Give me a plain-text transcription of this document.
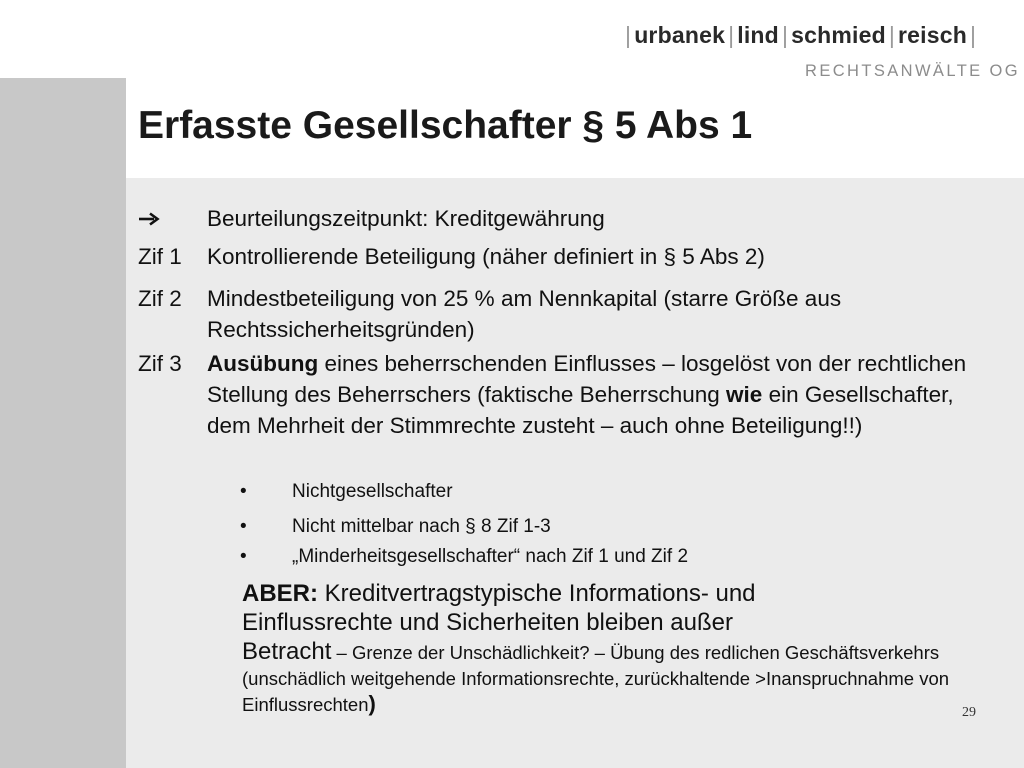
| urbanek | lind | schmied | reisch |
RECHTSANWÄLTE OG
Erfasste Gesellschafter § 5 Abs 1
Beurteilungszeitpunkt: Kreditgewährung
Zif 1 Kontrollierende Beteiligung (näher definiert in § 5 Abs 2)
Zif 2 Mindestbeteiligung von 25 % am Nennkapital (starre Größe aus Rechtssicherheitsgründen)
Zif 3 Ausübung eines beherrschenden Einflusses – losgelöst von der rechtlichen Stellung des Beherrschers (faktische Beherrschung wie ein Gesellschafter, dem Mehrheit der Stimmrechte zusteht – auch ohne Beteiligung!!)
• Nichtgesellschafter
• Nicht mittelbar nach § 8 Zif 1-3
• „Minderheitsgesellschafter“ nach Zif 1 und Zif 2
ABER: Kreditvertragstypische Informations- und
Einflussrechte und Sicherheiten bleiben außer
Betracht – Grenze der Unschädlichkeit? – Übung des redlichen Geschäftsverkehrs (unschädlich weitgehende Informationsrechte, zurückhaltende >Inanspruchnahme von Einflussrechten)	29
